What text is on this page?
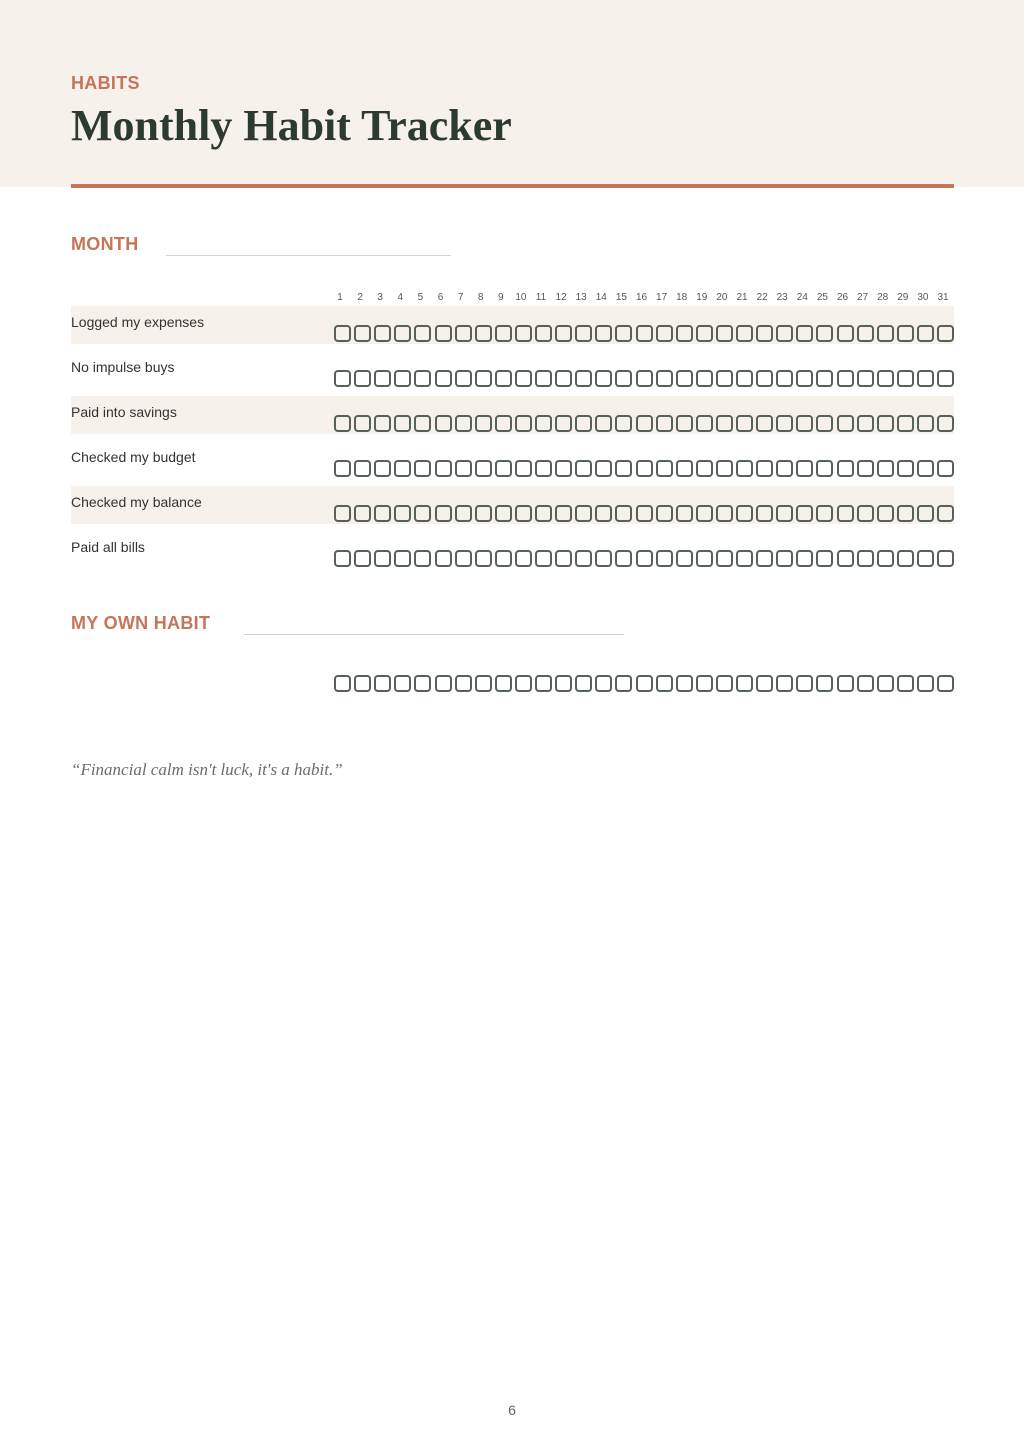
HABITS
Monthly Habit Tracker
MONTH
1	2	3	4	5	6	7	8	9	10 11 12 13 14 15 16 17 18 19 20 21 22 23 24 25 26 27 28 29 30 31
Logged my expenses
No impulse buys
Paid into savings
Checked my budget
Checked my balance
Paid all bills
MY OWN HABIT
“Financial calm isn't luck, it's a habit.”
6
